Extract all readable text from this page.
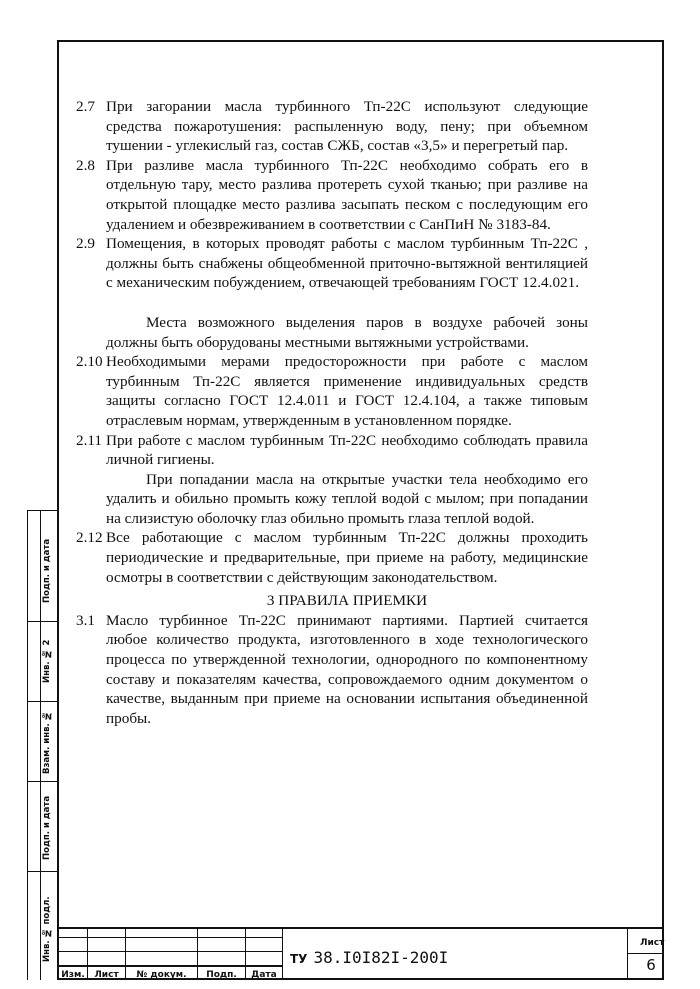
2.7 При загорании масла турбинного Тп-22С используют следующие средства пожаротушения: распыленную воду, пену; при объемном тушении - углекислый газ, состав СЖБ, состав «3,5» и перегретый пар.

2.8 При разливе масла турбинного Тп-22С необходимо собрать его в отдельную тару, место разлива протереть сухой тканью; при разливе на открытой площадке место разлива засыпать песком с последующим его удалением и обезвреживанием в соответствии с СанПиН № 3183-84.

2.9 Помещения, в которых проводят работы с маслом турбинным Тп-22С , должны быть снабжены общеобменной приточно-вытяжной вентиляцией с механическим побуждением, отвечающей требованиям ГОСТ 12.4.021.

Места возможного выделения паров в воздухе рабочей зоны должны быть оборудованы местными вытяжными устройствами.

2.10 Необходимыми мерами предосторожности при работе с маслом турбинным Тп-22С является применение индивидуальных средств защиты согласно ГОСТ 12.4.011 и ГОСТ 12.4.104, а также типовым отраслевым нормам, утвержденным в установленном порядке.

2.11 При работе с маслом турбинным Тп-22С необходимо соблюдать правила личной гигиены.

При попадании масла на открытые участки тела необходимо его удалить и обильно промыть кожу теплой водой с мылом; при попадании на слизистую оболочку глаз обильно промыть глаза теплой водой.

2.12 Все работающие с маслом турбинным Тп-22С должны проходить периодические и предварительные, при приеме на работу, медицинские осмотры в соответствии с действующим законодательством.

3 ПРАВИЛА ПРИЕМКИ

3.1 Масло турбинное Тп-22С принимают партиями. Партией считается любое количество продукта, изготовленного в ходе технологического процесса по утвержденной технологии, однородного по компонентному составу и показателям качества, сопровождаемого одним документом о качестве, выданным при приеме на основании испытания объединенной пробы.

Подп. и дата
Инв. № 2
Взам. инв. №
Подп. и дата
Инв. № подл.
Изм.	Лист	№ докум.	Подп.	Дата
ТУ 38.I0I82I-200I
Лист
6
